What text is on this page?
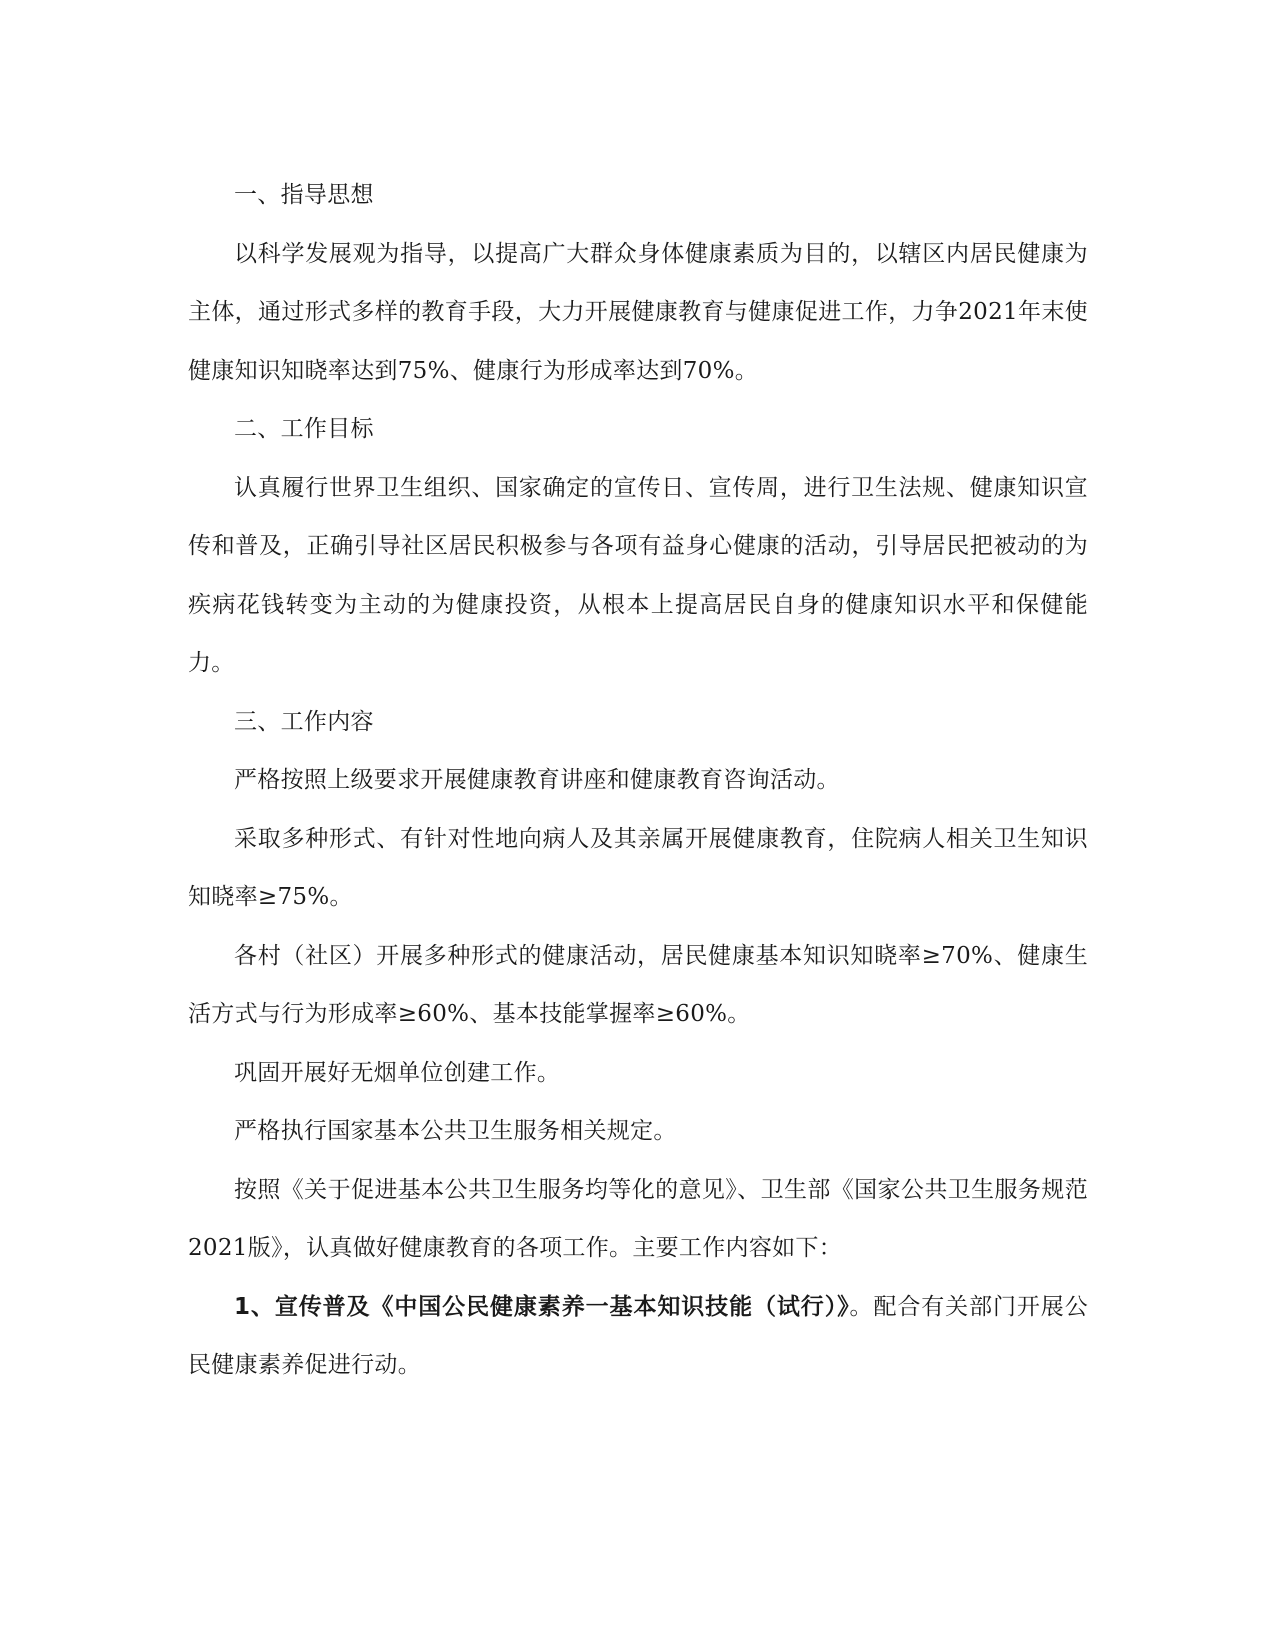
一、指导思想

以科学发展观为指导，以提高广大群众身体健康素质为目的，以辖区内居民健康为主体，通过形式多样的教育手段，大力开展健康教育与健康促进工作，力争2021年末使健康知识知晓率达到75%、健康行为形成率达到70%。

二、工作目标

认真履行世界卫生组织、国家确定的宣传日、宣传周，进行卫生法规、健康知识宣传和普及，正确引导社区居民积极参与各项有益身心健康的活动，引导居民把被动的为疾病花钱转变为主动的为健康投资，从根本上提高居民自身的健康知识水平和保健能力。

三、工作内容

严格按照上级要求开展健康教育讲座和健康教育咨询活动。

采取多种形式、有针对性地向病人及其亲属开展健康教育，住院病人相关卫生知识知晓率≥75%。

各村（社区）开展多种形式的健康活动，居民健康基本知识知晓率≥70%、健康生活方式与行为形成率≥60%、基本技能掌握率≥60%。

巩固开展好无烟单位创建工作。

严格执行国家基本公共卫生服务相关规定。

按照《关于促进基本公共卫生服务均等化的意见》、卫生部《国家公共卫生服务规范2021版》，认真做好健康教育的各项工作。主要工作内容如下：

1、宣传普及《中国公民健康素养一基本知识技能（试行）》。配合有关部门开展公民健康素养促进行动。
